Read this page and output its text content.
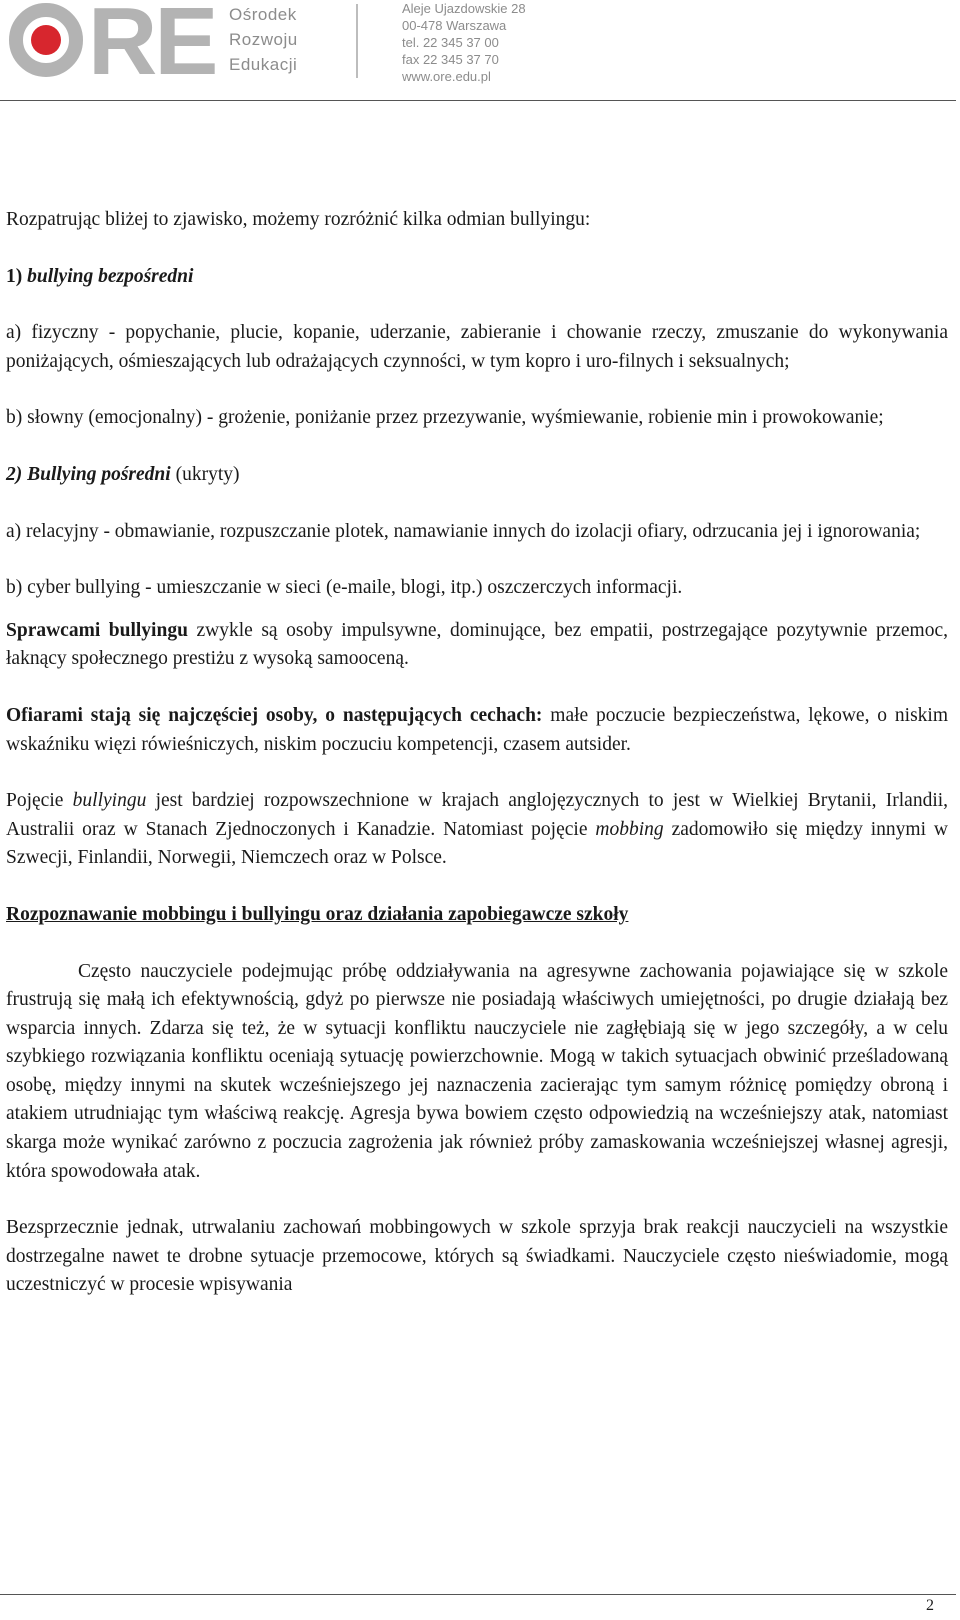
RE Ośrodek
Rozwoju
Edukacji
Aleje Ujazdowskie 28
00-478 Warszawa
tel. 22 345 37 00
fax 22 345 37 70
www.ore.edu.pl

Rozpatrując bliżej to zjawisko, możemy rozróżnić kilka odmian bullyingu:

1) bullying bezpośredni

a) fizyczny - popychanie, plucie, kopanie, uderzanie, zabieranie i chowanie rzeczy, zmuszanie do wykonywania poniżających, ośmieszających lub odrażających czynności, w tym kopro i uro-filnych i seksualnych;

b) słowny (emocjonalny) - grożenie, poniżanie przez przezywanie, wyśmiewanie, robienie min i prowokowanie;

2) Bullying pośredni (ukryty)

a) relacyjny - obmawianie, rozpuszczanie plotek, namawianie innych do izolacji ofiary, odrzucania jej i ignorowania;

b) cyber bullying - umieszczanie w sieci (e-maile, blogi, itp.) oszczerczych informacji.

Sprawcami bullyingu zwykle są osoby impulsywne, dominujące, bez empatii, postrzegające pozytywnie przemoc, łaknący społecznego prestiżu z wysoką samooceną.

Ofiarami stają się najczęściej osoby, o następujących cechach: małe poczucie bezpieczeństwa, lękowe, o niskim wskaźniku więzi rówieśniczych, niskim poczuciu kompetencji, czasem autsider.

Pojęcie bullyingu jest bardziej rozpowszechnione w krajach anglojęzycznych to jest w Wielkiej Brytanii, Irlandii, Australii oraz w Stanach Zjednoczonych i Kanadzie. Natomiast pojęcie mobbing zadomowiło się między innymi w Szwecji, Finlandii, Norwegii, Niemczech oraz w Polsce.

Rozpoznawanie mobbingu i bullyingu oraz działania zapobiegawcze szkoły

Często nauczyciele podejmując próbę oddziaływania na agresywne zachowania pojawiające się w szkole frustrują się małą ich efektywnością, gdyż po pierwsze nie posiadają właściwych umiejętności, po drugie działają bez wsparcia innych. Zdarza się też, że w sytuacji konfliktu nauczyciele nie zagłębiają się w jego szczegóły, a w celu szybkiego rozwiązania konfliktu oceniają sytuację powierzchownie. Mogą w takich sytuacjach obwinić prześladowaną osobę, między innymi na skutek wcześniejszego jej naznaczenia zacierając tym samym różnicę pomiędzy obroną i atakiem utrudniając tym właściwą reakcję. Agresja bywa bowiem często odpowiedzią na wcześniejszy atak, natomiast skarga może wynikać zarówno z poczucia zagrożenia jak również próby zamaskowania wcześniejszej własnej agresji, która spowodowała atak.

Bezsprzecznie jednak, utrwalaniu zachowań mobbingowych w szkole sprzyja brak reakcji nauczycieli na wszystkie dostrzegalne nawet te drobne sytuacje przemocowe, których są świadkami. Nauczyciele często nieświadomie, mogą uczestniczyć w procesie wpisywania

2
